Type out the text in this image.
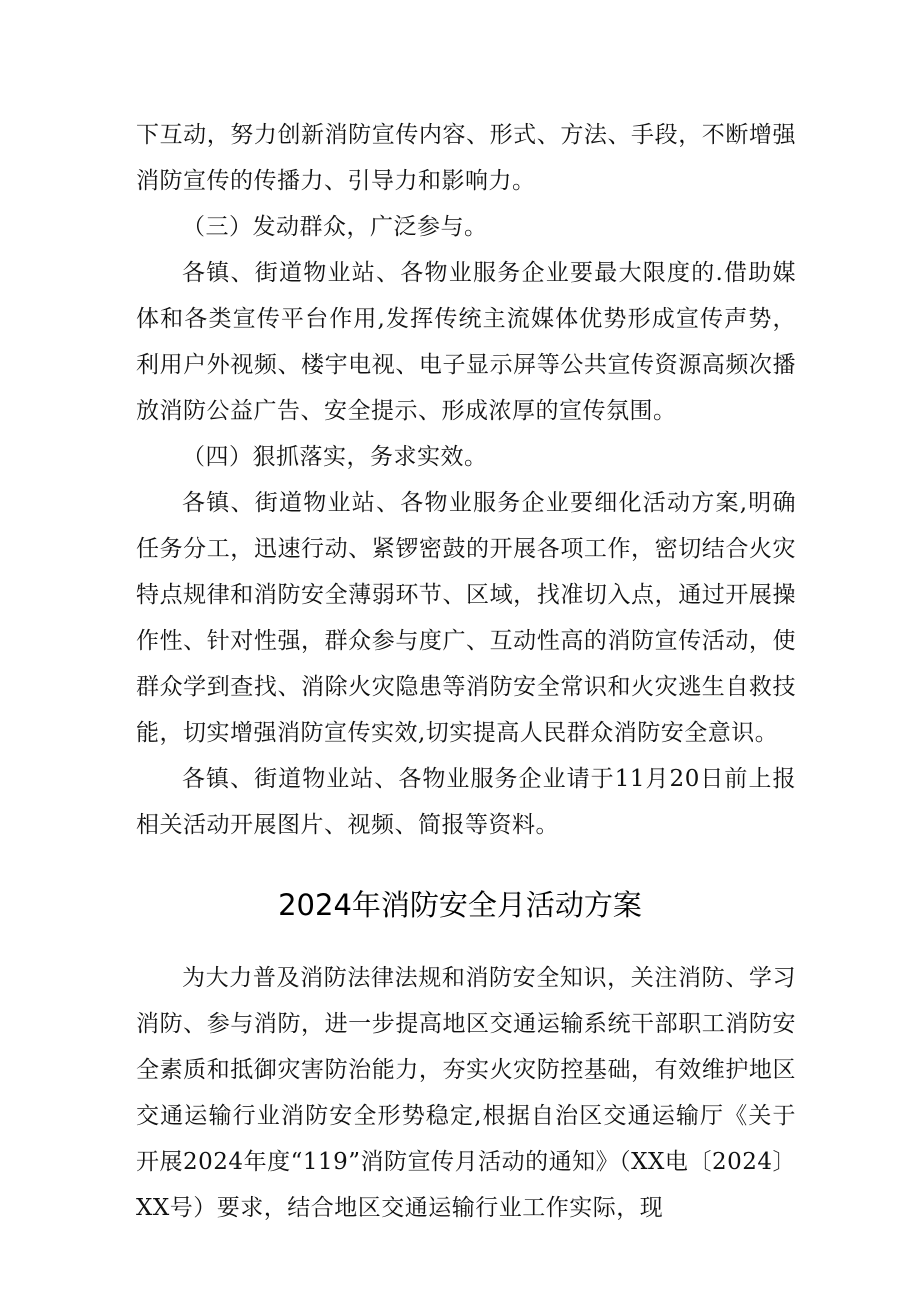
下互动，努力创新消防宣传内容、形式、方法、手段，不断增强消防宣传的传播力、引导力和影响力。

（三）发动群众，广泛参与。

各镇、街道物业站、各物业服务企业要最大限度的.借助媒体和各类宣传平台作用,发挥传统主流媒体优势形成宣传声势，利用户外视频、楼宇电视、电子显示屏等公共宣传资源高频次播放消防公益广告、安全提示、形成浓厚的宣传氛围。

（四）狠抓落实，务求实效。

各镇、街道物业站、各物业服务企业要细化活动方案,明确任务分工，迅速行动、紧锣密鼓的开展各项工作，密切结合火灾特点规律和消防安全薄弱环节、区域，找准切入点，通过开展操作性、针对性强，群众参与度广、互动性高的消防宣传活动，使群众学到查找、消除火灾隐患等消防安全常识和火灾逃生自救技能，切实增强消防宣传实效,切实提高人民群众消防安全意识。

各镇、街道物业站、各物业服务企业请于11月20日前上报相关活动开展图片、视频、简报等资料。

2024年消防安全月活动方案

为大力普及消防法律法规和消防安全知识，关注消防、学习消防、参与消防，进一步提高地区交通运输系统干部职工消防安全素质和抵御灾害防治能力，夯实火灾防控基础，有效维护地区交通运输行业消防安全形势稳定,根据自治区交通运输厅《关于开展2024年度“119”消防宣传月活动的通知》（XX电〔2024〕XX号）要求，结合地区交通运输行业工作实际，现
